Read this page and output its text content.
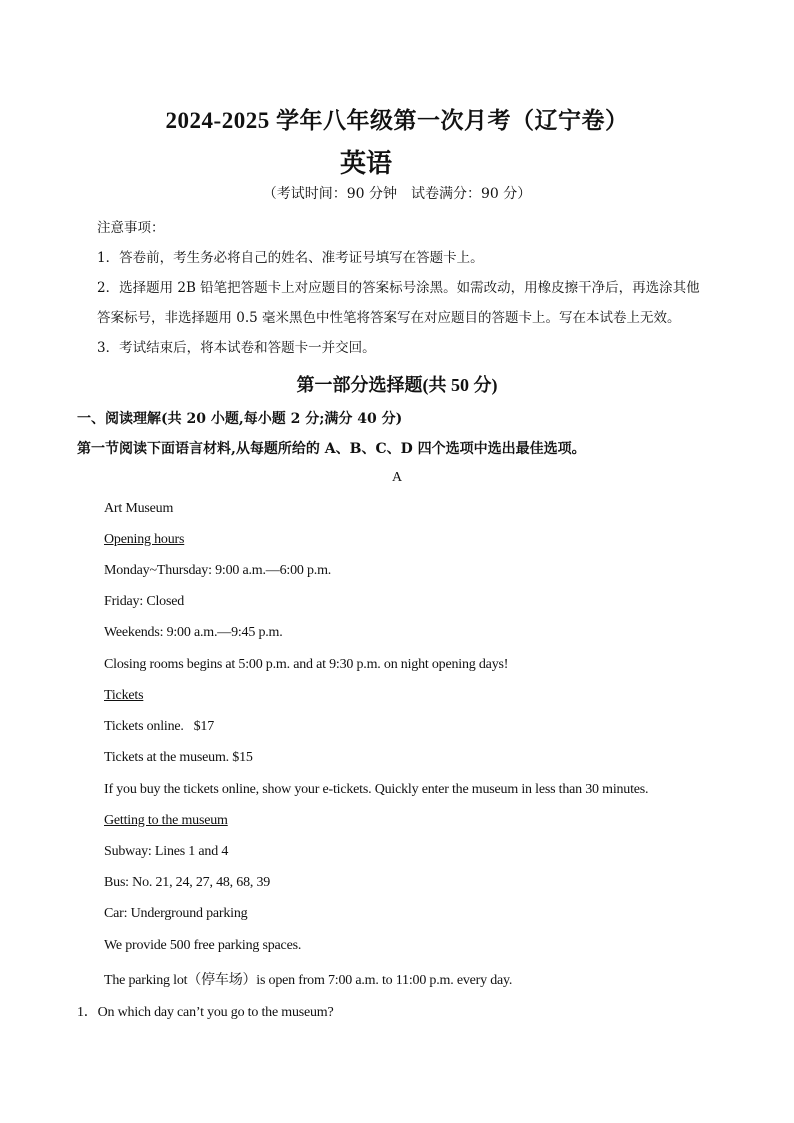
2024-2025 学年八年级第一次月考（辽宁卷）
英语
（考试时间：90 分钟　试卷满分：90 分）
注意事项：
1．答卷前，考生务必将自己的姓名、准考证号填写在答题卡上。
2．选择题用 2B 铅笔把答题卡上对应题目的答案标号涂黑。如需改动，用橡皮擦干净后，再选涂其他
答案标号，非选择题用 0.5 毫米黑色中性笔将答案写在对应题目的答题卡上。写在本试卷上无效。
3．考试结束后，将本试卷和答题卡一并交回。
第一部分选择题(共 50 分)
一、阅读理解(共 20 小题,每小题 2 分;满分 40 分)
第一节阅读下面语言材料,从每题所给的 A、B、C、D 四个选项中选出最佳选项。
A
Art Museum
Opening hours
Monday~Thursday: 9:00 a.m.—6:00 p.m.
Friday: Closed
Weekends: 9:00 a.m.—9:45 p.m.
Closing rooms begins at 5:00 p.m. and at 9:30 p.m. on night opening days!
Tickets
Tickets online.   $17
Tickets at the museum. $15
If you buy the tickets online, show your e-tickets. Quickly enter the museum in less than 30 minutes.
Getting to the museum
Subway: Lines 1 and 4
Bus: No. 21, 24, 27, 48, 68, 39
Car: Underground parking
We provide 500 free parking spaces.
The parking lot（停车场）is open from 7:00 a.m. to 11:00 p.m. every day.
1．On which day can’t you go to the museum?
